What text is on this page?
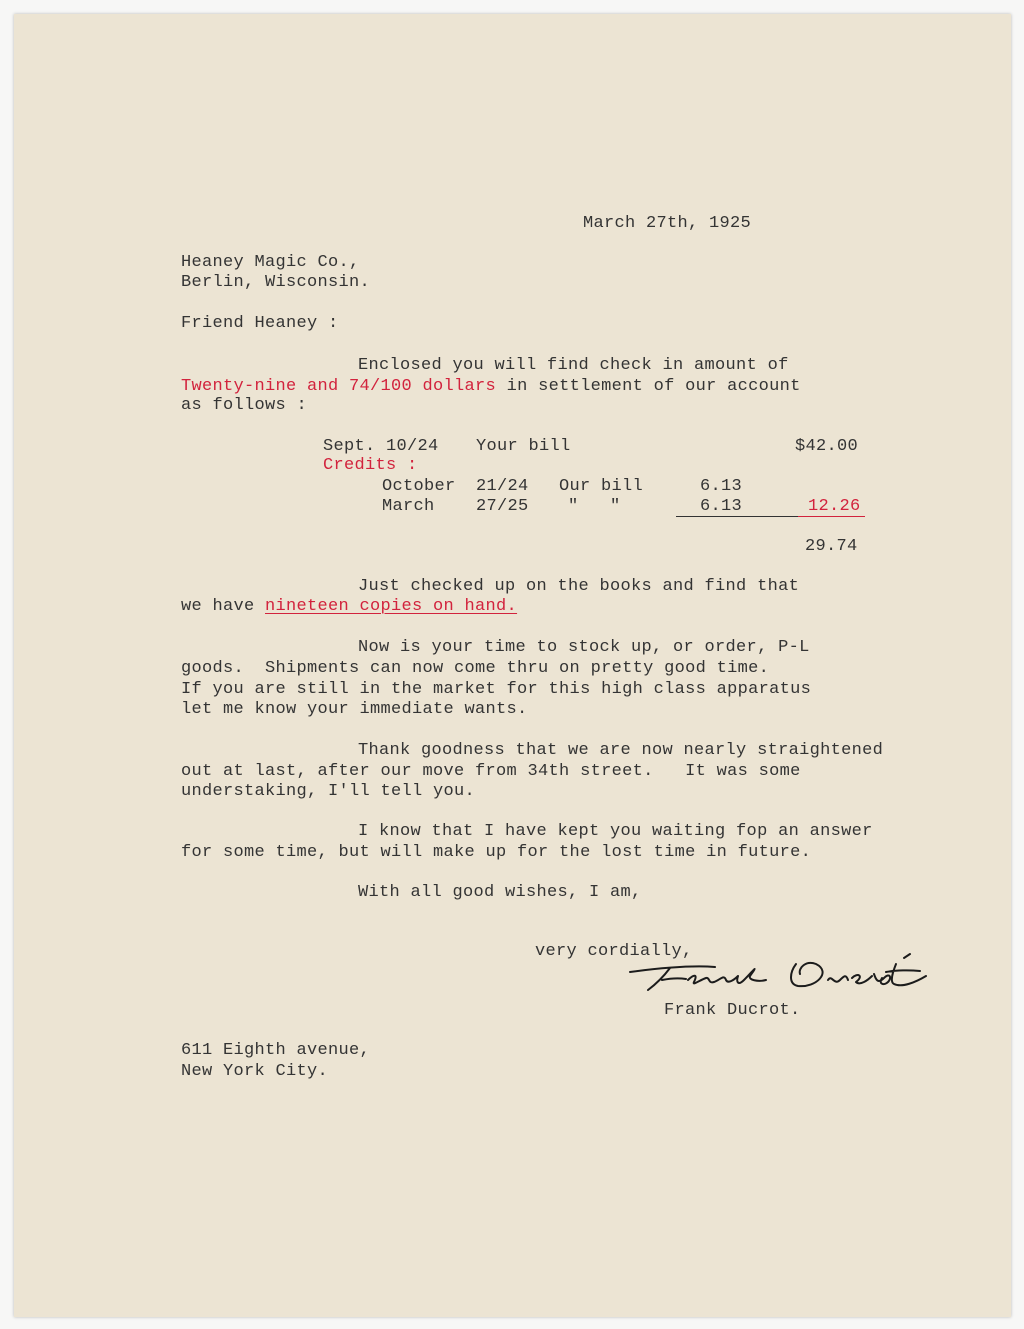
March 27th, 1925
Heaney Magic Co.,
Berlin, Wisconsin.
Friend Heaney :
Enclosed you will find check in amount of
Twenty-nine and 74/100 dollars in settlement of our account
as follows :
Sept. 10/24 Your bill	$42.00
Credits :
October 21/24 Our bill	6.13
March 27/25 "   "	6.13	12.26
29.74
Just checked up on the books and find that
we have nineteen copies on hand.
Now is your time to stock up, or order, P-L
goods.  Shipments can now come thru on pretty good time.
If you are still in the market for this high class apparatus
let me know your immediate wants.
Thank goodness that we are now nearly straightened
out at last, after our move from 34th street.   It was some
understaking, I'll tell you.
I know that I have kept you waiting fop an answer
for some time, but will make up for the lost time in future.
With all good wishes, I am,
very cordially,
Frank Ducrot.
611 Eighth avenue,
New York City.
